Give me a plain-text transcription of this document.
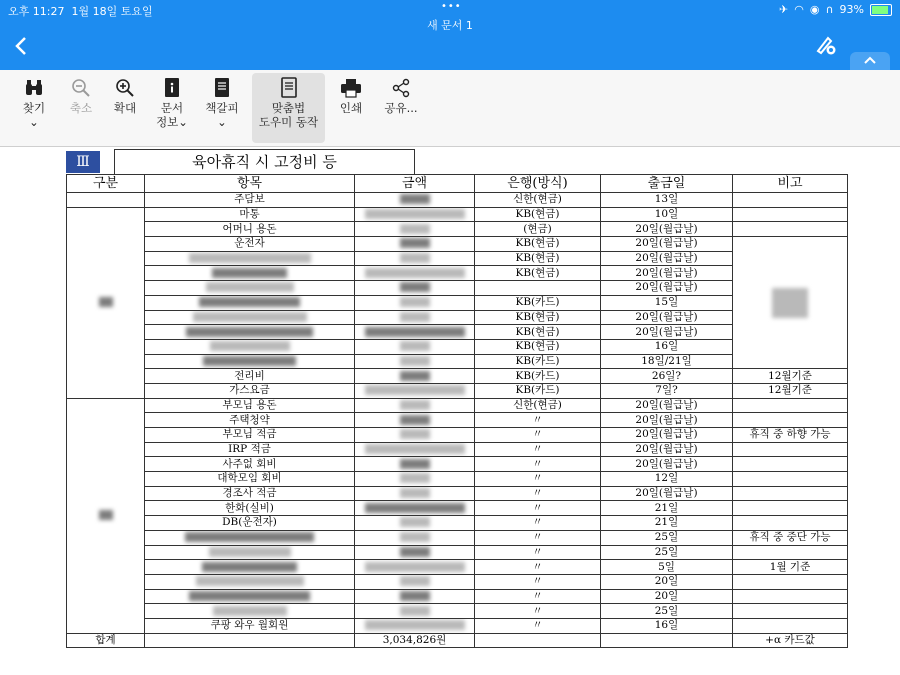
오후 11:27 1월 18일 토요일	•••	✈ ◠ ◉ ∩ 93%
새 문서 1
찾기
⌄
축소	확대	문서
정보⌄
책갈피
⌄
맞춤법
도우미 동작
인쇄	공유...
Ⅲ	육아휴직 시 고정비 등
구분	항목	금액	은행(방식)	출금일	비고
	주담보		신한(현금)	13일	
	마통		KB(현금)	10일	
	어머니 용돈		(현금)	20일(월급날)	
	운전자		KB(현금)	20일(월급날)	
			KB(현금)	20일(월급날)	
			KB(현금)	20일(월급날)	
				20일(월급날)	
			KB(카드)	15일	
			KB(현금)	20일(월급날)	
			KB(현금)	20일(월급날)	
			KB(현금)	16일	
			KB(카드)	18일/21일	
	전리비		KB(카드)	26일?	12월기준
	가스요금		KB(카드)	7일?	12월기준
	부모님 용돈		신한(현금)	20일(월급날)	
	주택청약		〃	20일(월급날)	
	부모님 적금		〃	20일(월급날)	휴직 중 하향 가능
	IRP 적금		〃	20일(월급날)	
	사주없 회비		〃	20일(월급날)	
	대학모임 회비		〃	12일	
	경조사 적금		〃	20일(월급날)	
	한화(실비)		〃	21일	
	DB(운전자)		〃	21일	
			〃	25일	휴직 중 중단 가능
			〃	25일	
			〃	5일	1월 기준
			〃	20일	
			〃	20일	
			〃	25일	
	쿠팡 와우 월회원		〃	16일	
합계		3,034,826원			+α 카드값
